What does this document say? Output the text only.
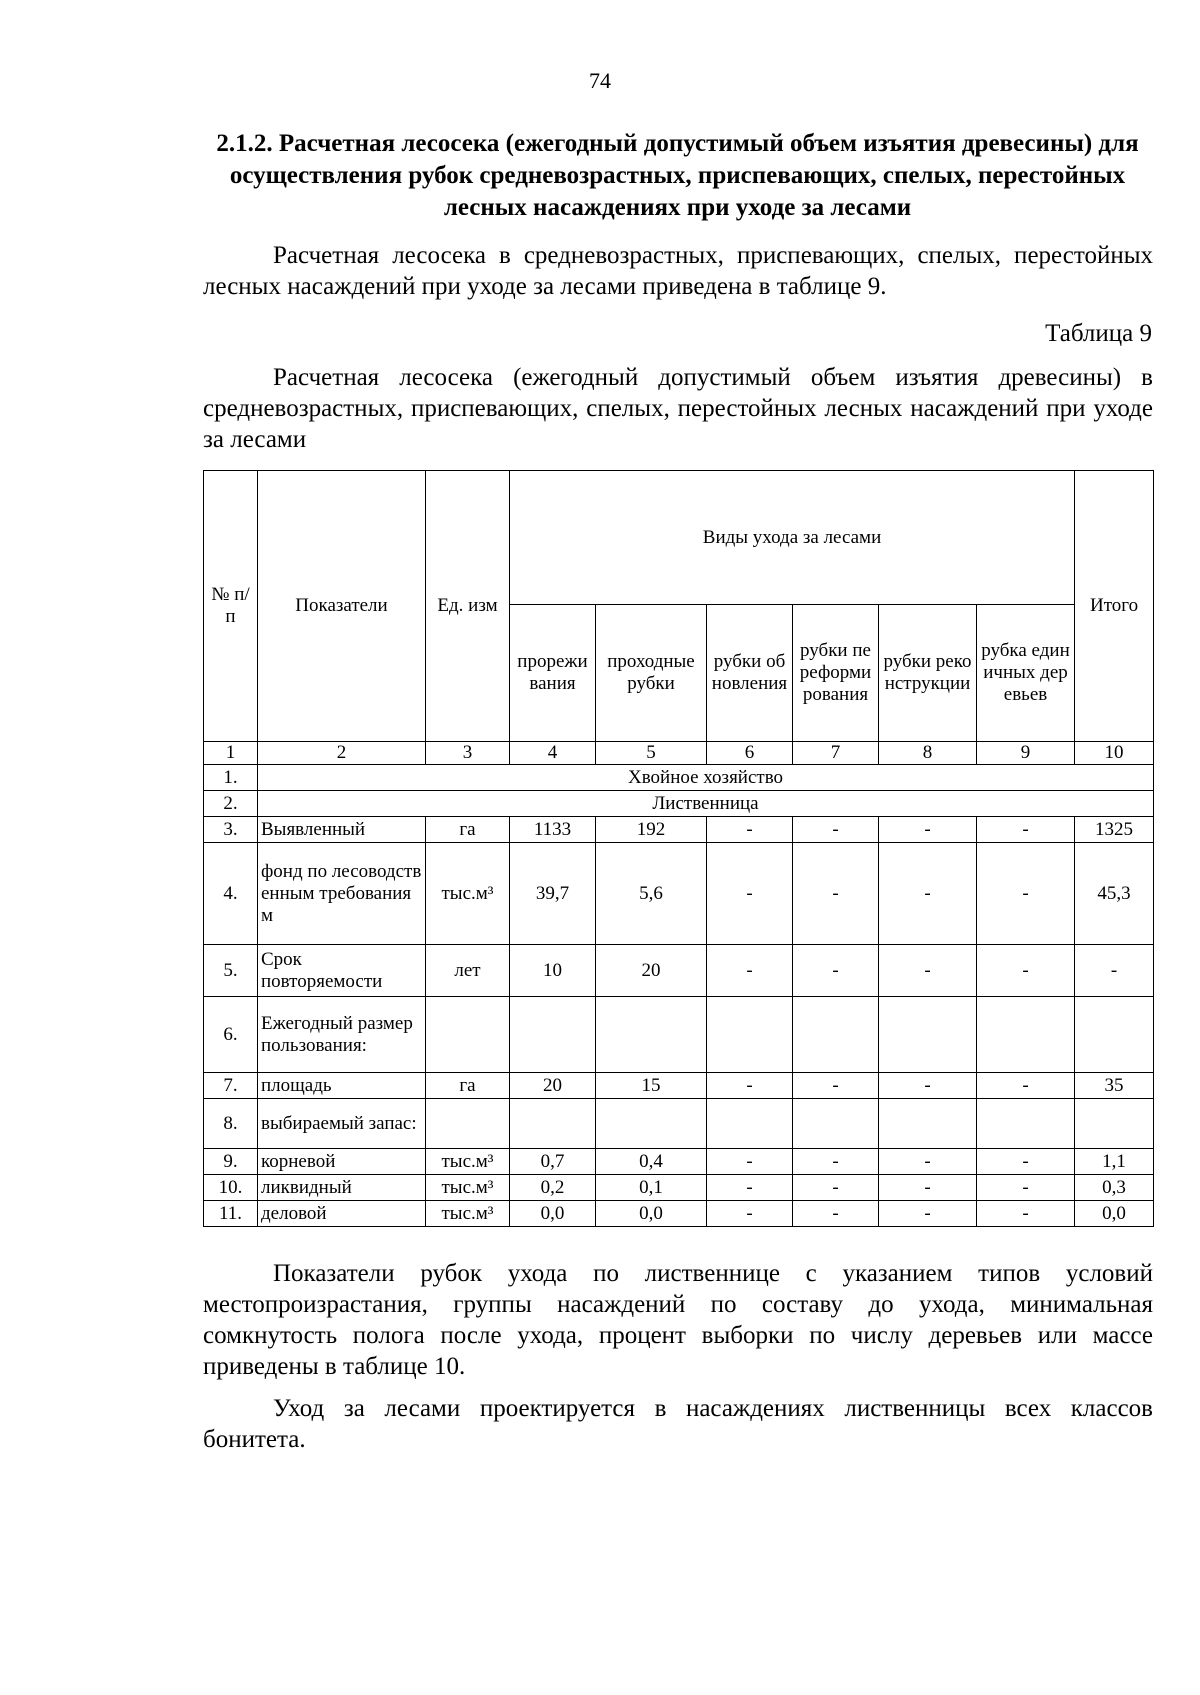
74
2.1.2. Расчетная лесосека (ежегодный допустимый объем изъятия древесины) для осуществления рубок средневозрастных, приспевающих, спелых, перестойных лесных насаждениях при уходе за лесами
Расчетная лесосека в средневозрастных, приспевающих, спелых, перестойных лесных насаждений при уходе за лесами приведена в таблице 9.
Таблица 9
Расчетная лесосека (ежегодный допустимый объем изъятия древесины) в средневозрастных, приспевающих, спелых, перестойных лесных насаждений при уходе за лесами
№ п/п	Показатели	Ед. изм	Виды ухода за лесами						Итого
			прореживания	проходные рубки	рубки обновления	рубки переформирования	рубки реконструкции	рубка единичных деревьев	
1	2	3	4	5	6	7	8	9	10
1.	Хвойное хозяйство								
2.	Лиственница								
3.	Выявленный	га	1133	192	-	-	-	-	1325
4.	фонд по лесоводственным требованиям	тыс.м³	39,7	5,6	-	-	-	-	45,3
5.	Срок повторяемости	лет	10	20	-	-	-	-	-
6.	Ежегодный размер пользования:								
7.	площадь	га	20	15	-	-	-	-	35
8.	выбираемый запас:								
9.	корневой	тыс.м³	0,7	0,4	-	-	-	-	1,1
10.	ликвидный	тыс.м³	0,2	0,1	-	-	-	-	0,3
11.	деловой	тыс.м³	0,0	0,0	-	-	-	-	0,0
Показатели рубок ухода по лиственнице с указанием типов условий местопроизрастания, группы насаждений по составу до ухода, минимальная сомкнутость полога после ухода, процент выборки по числу деревьев или массе приведены в таблице 10.
Уход за лесами проектируется в насаждениях лиственницы всех классов бонитета.
